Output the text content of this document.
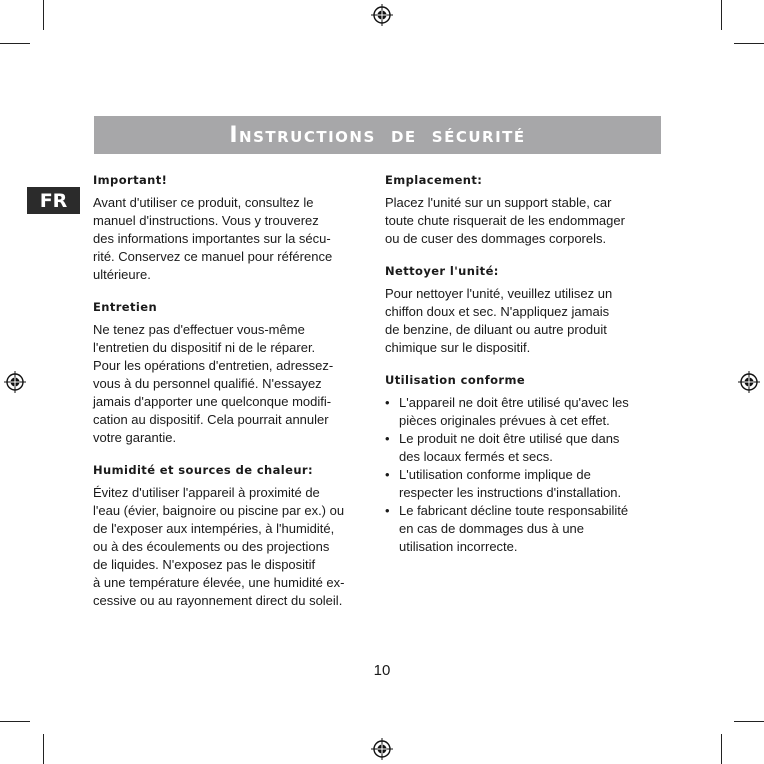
Instructions de sécurité
FR

Important!

Avant d'utiliser ce produit, consultez le
manuel d'instructions. Vous y trouverez
des informations importantes sur la sécu-
rité. Conservez ce manuel pour référence
ultérieure.

Entretien

Ne tenez pas d'effectuer vous-même
l'entretien du dispositif ni de le réparer.
Pour les opérations d'entretien, adressez-
vous à du personnel qualifié. N'essayez
jamais d'apporter une quelconque modifi-
cation au dispositif. Cela pourrait annuler
votre garantie.

Humidité et sources de chaleur:

Évitez d'utiliser l'appareil à proximité de
l'eau (évier, baignoire ou piscine par ex.) ou
de l'exposer aux intempéries, à l'humidité,
ou à des écoulements ou des projections
de liquides. N'exposez pas le dispositif
à une température élevée, une humidité ex-
cessive ou au rayonnement direct du soleil.

Emplacement:

Placez l'unité sur un support stable, car
toute chute risquerait de les endommager
ou de cuser des dommages corporels.

Nettoyer l'unité:

Pour nettoyer l'unité, veuillez utilisez un
chiffon doux et sec. N'appliquez jamais
de benzine, de diluant ou autre produit
chimique sur le dispositif.

Utilisation conforme

• L'appareil ne doit être utilisé qu'avec les
pièces originales prévues à cet effet.
• Le produit ne doit être utilisé que dans
des locaux fermés et secs.
• L'utilisation conforme implique de
respecter les instructions d'installation.
• Le fabricant décline toute responsabilité
en cas de dommages dus à une
utilisation incorrecte.
10
